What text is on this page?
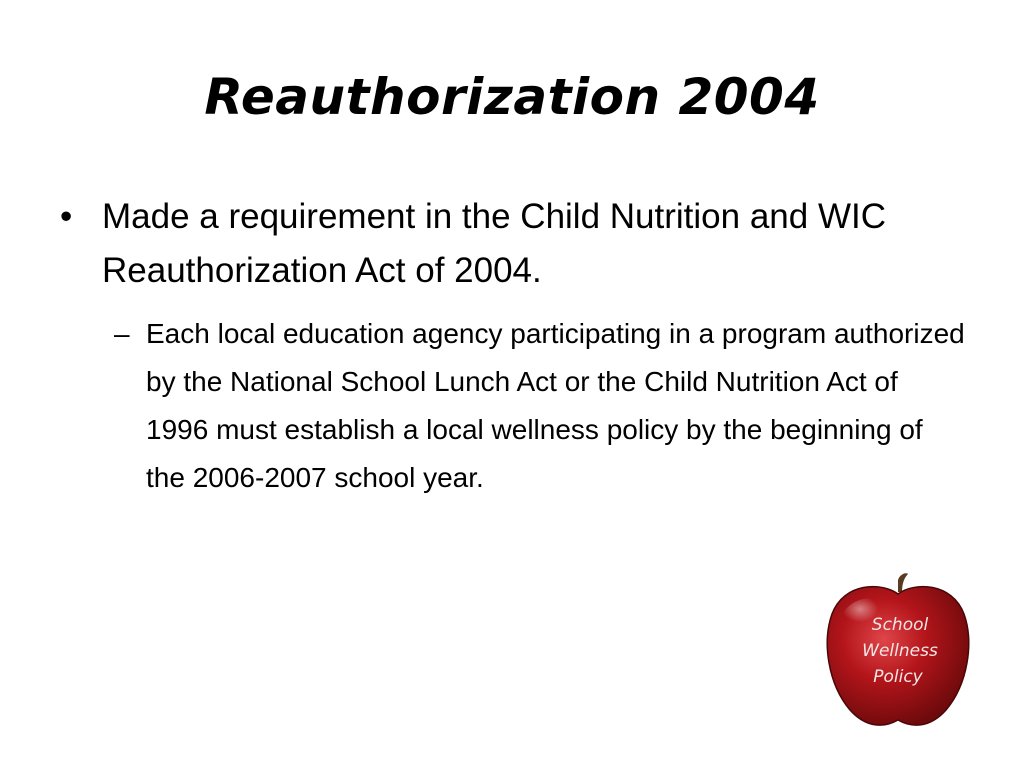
Reauthorization 2004
• Made a requirement in the Child Nutrition and WIC Reauthorization Act of 2004.
– Each local education agency participating in a program authorized by the National School Lunch Act or the Child Nutrition Act of 1996 must establish a local wellness policy by the beginning of the 2006-2007 school year.
School
Wellness
Policy
